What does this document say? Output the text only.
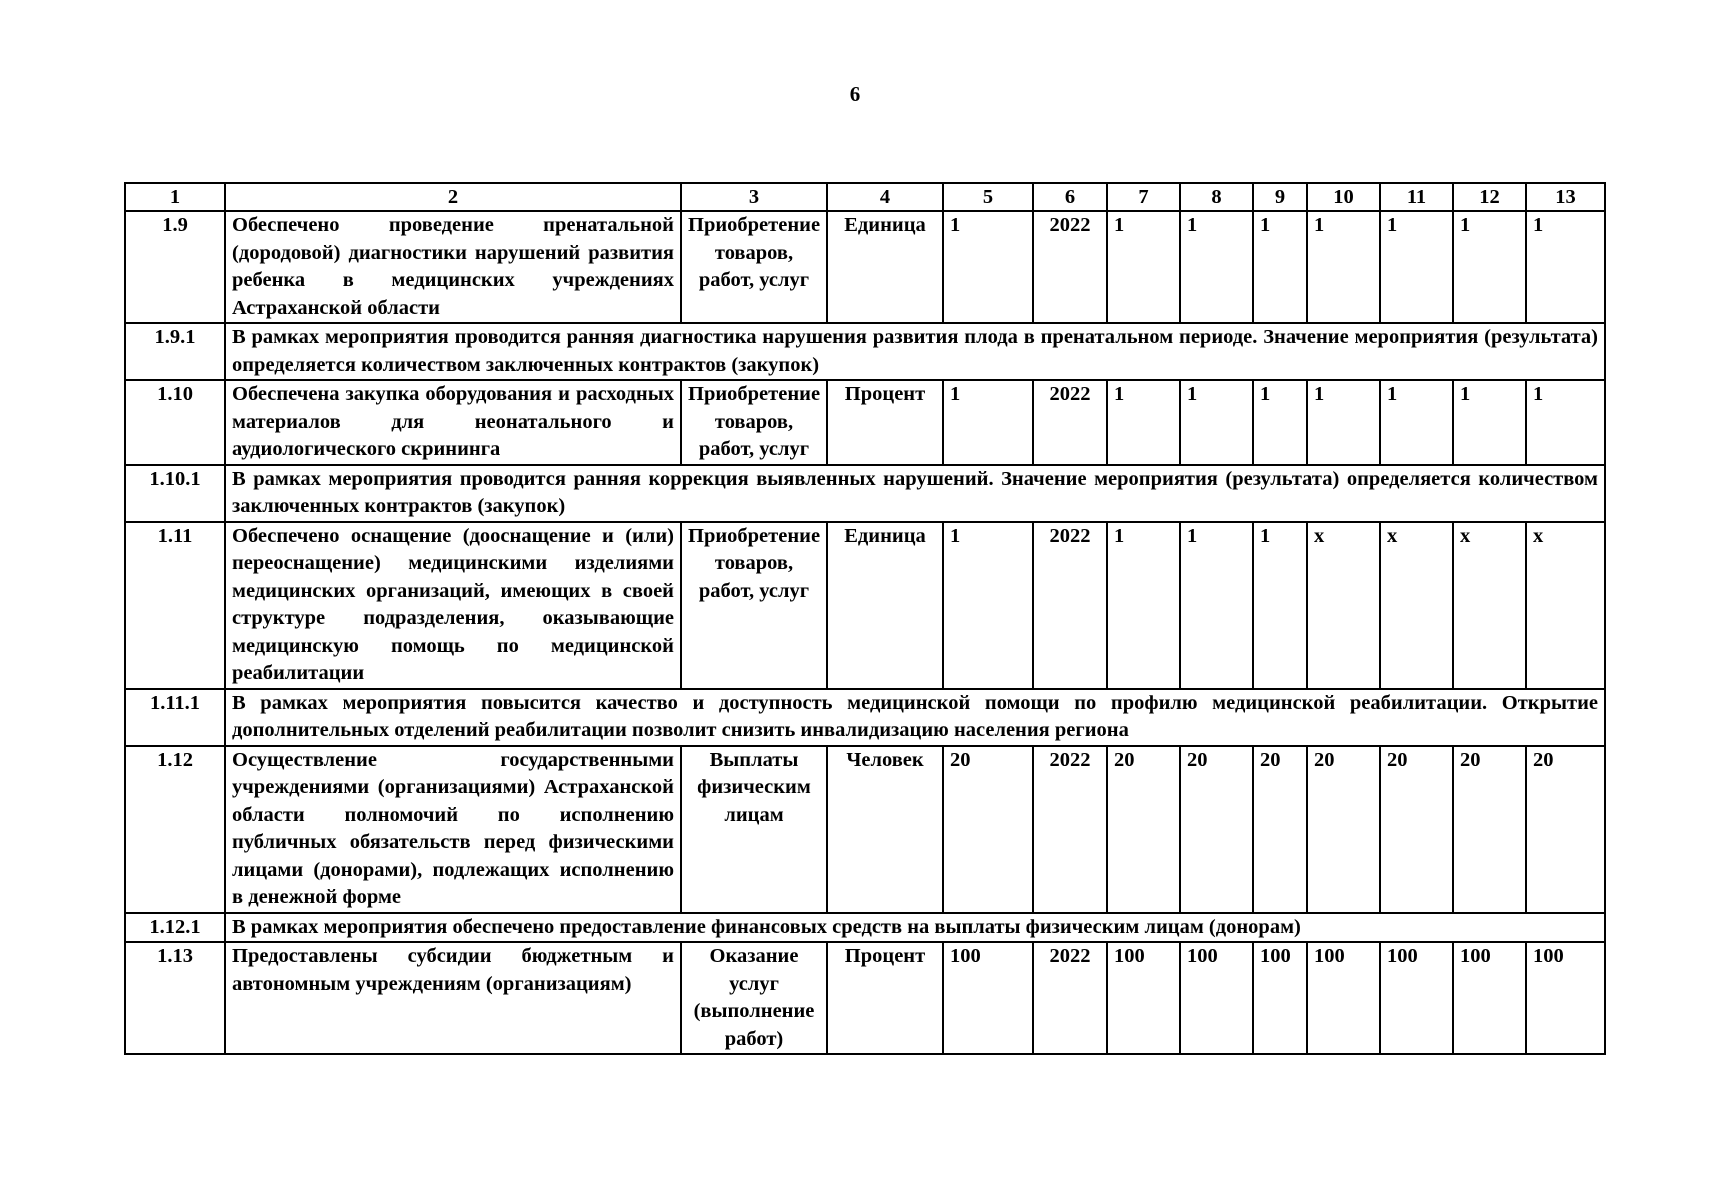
6
1	2	3	4	5	6	7	8	9	10	11	12	13
1.9	Обеспечено проведение пренатальной (дородовой) диагностики нарушений развития ребенка в медицинских учреждениях Астраханской области	Приобретение товаров, работ, услуг	Единица	1	2022	1	1	1	1	1	1	1
1.9.1	В рамках мероприятия проводится ранняя диагностика нарушения развития плода в пренатальном периоде. Значение мероприятия (результата) определяется количеством заключенных контрактов (закупок)											
1.10	Обеспечена закупка оборудования и расходных материалов для неонатального и аудиологического скрининга	Приобретение товаров, работ, услуг	Процент	1	2022	1	1	1	1	1	1	1
1.10.1	В рамках мероприятия проводится ранняя коррекция выявленных нарушений. Значение мероприятия (результата) определяется количеством заключенных контрактов (закупок)											
1.11	Обеспечено оснащение (дооснащение и (или) переоснащение) медицинскими изделиями медицинских организаций, имеющих в своей структуре подразделения, оказывающие медицинскую помощь по медицинской реабилитации	Приобретение товаров, работ, услуг	Единица	1	2022	1	1	1	x	x	x	x
1.11.1	В рамках мероприятия повысится качество и доступность медицинской помощи по профилю медицинской реабилитации. Открытие дополнительных отделений реабилитации позволит снизить инвалидизацию населения региона											
1.12	Осуществление государственными учреждениями (организациями) Астраханской области полномочий по исполнению публичных обязательств перед физическими лицами (донорами), подлежащих исполнению в денежной форме	Выплаты физическим лицам	Человек	20	2022	20	20	20	20	20	20	20
1.12.1	В рамках мероприятия обеспечено предоставление финансовых средств на выплаты физическим лицам (донорам)											
1.13	Предоставлены субсидии бюджетным и автономным учреждениям (организациям)	Оказание услуг (выполнение работ)	Процент	100	2022	100	100	100	100	100	100	100
